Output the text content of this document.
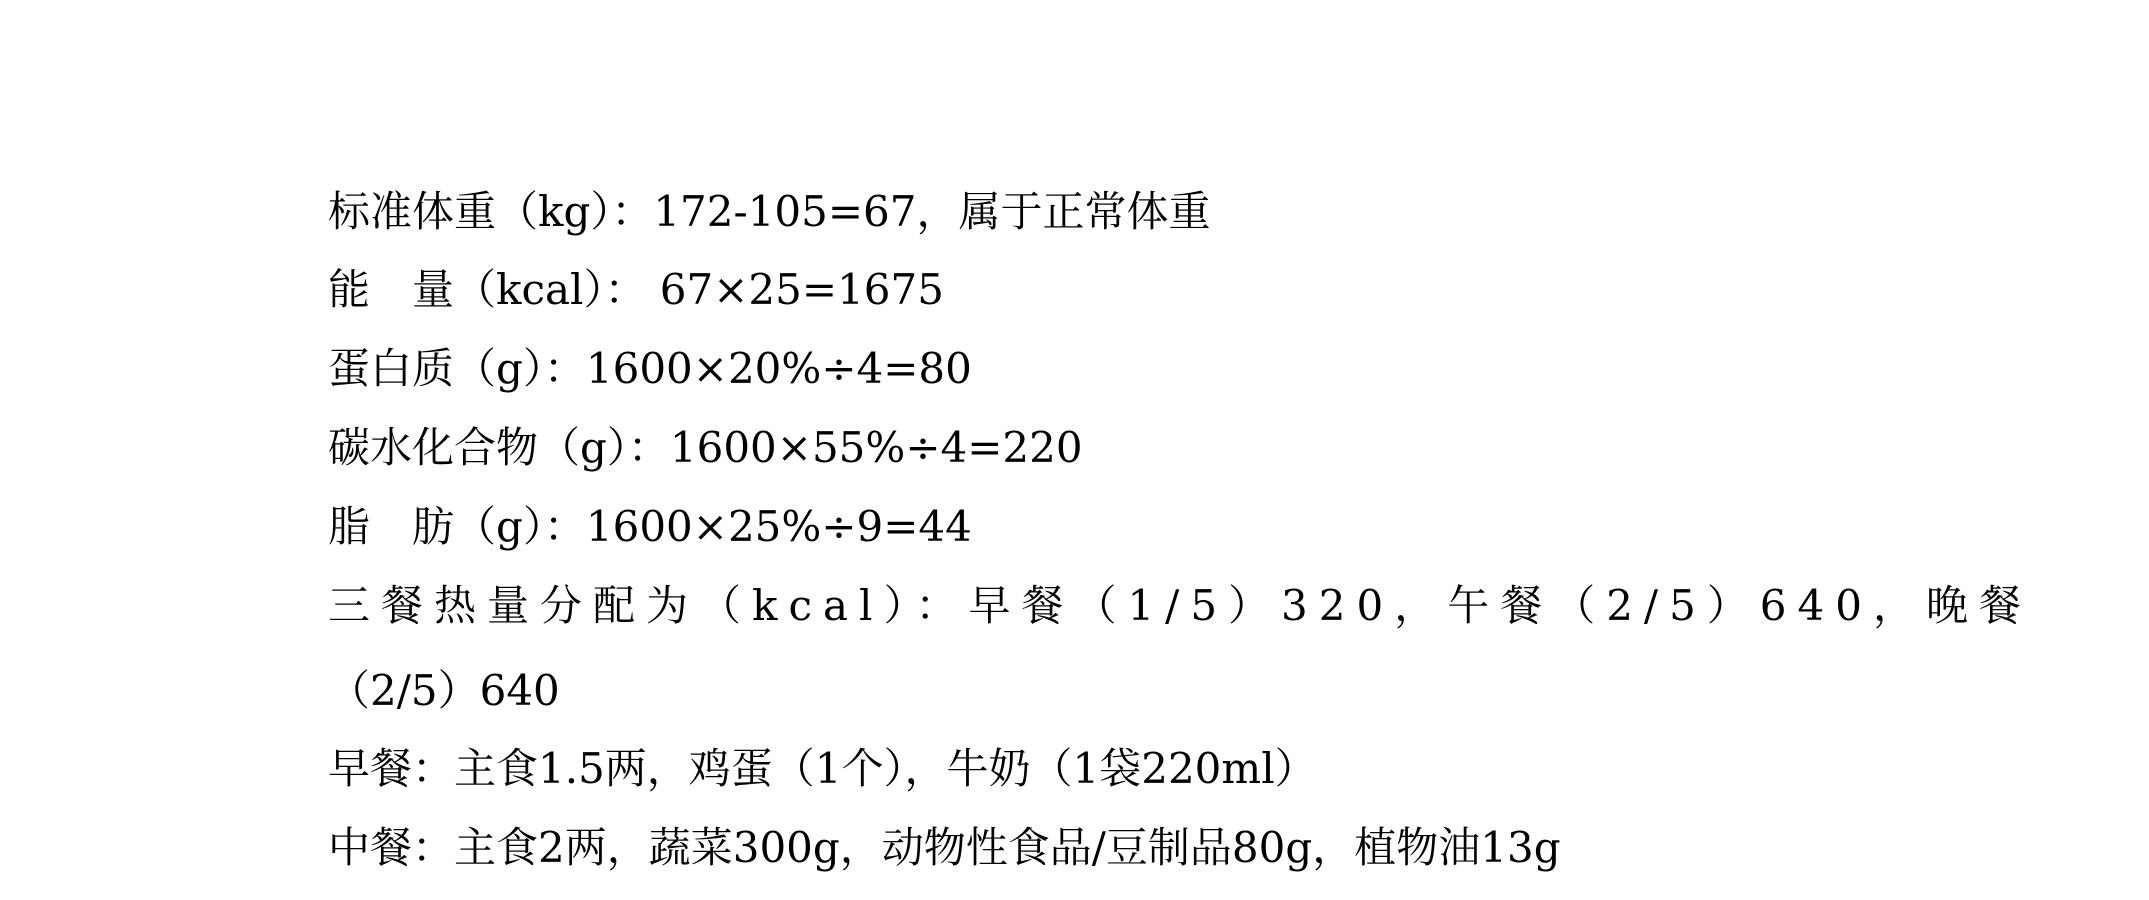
标准体重（kg）：172-105=67，属于正常体重
能　量（kcal）： 67×25=1675
蛋白质（g）：1600×20%÷4=80
碳水化合物（g）：1600×55%÷4=220
脂　肪（g）：1600×25%÷9=44
三餐热量分配为（kcal）：早餐（1/5）320，午餐（2/5）640，晚餐
（2/5）640
早餐：主食1.5两，鸡蛋（1个），牛奶（1袋220ml）
中餐：主食2两，蔬菜300g，动物性食品/豆制品80g，植物油13g
